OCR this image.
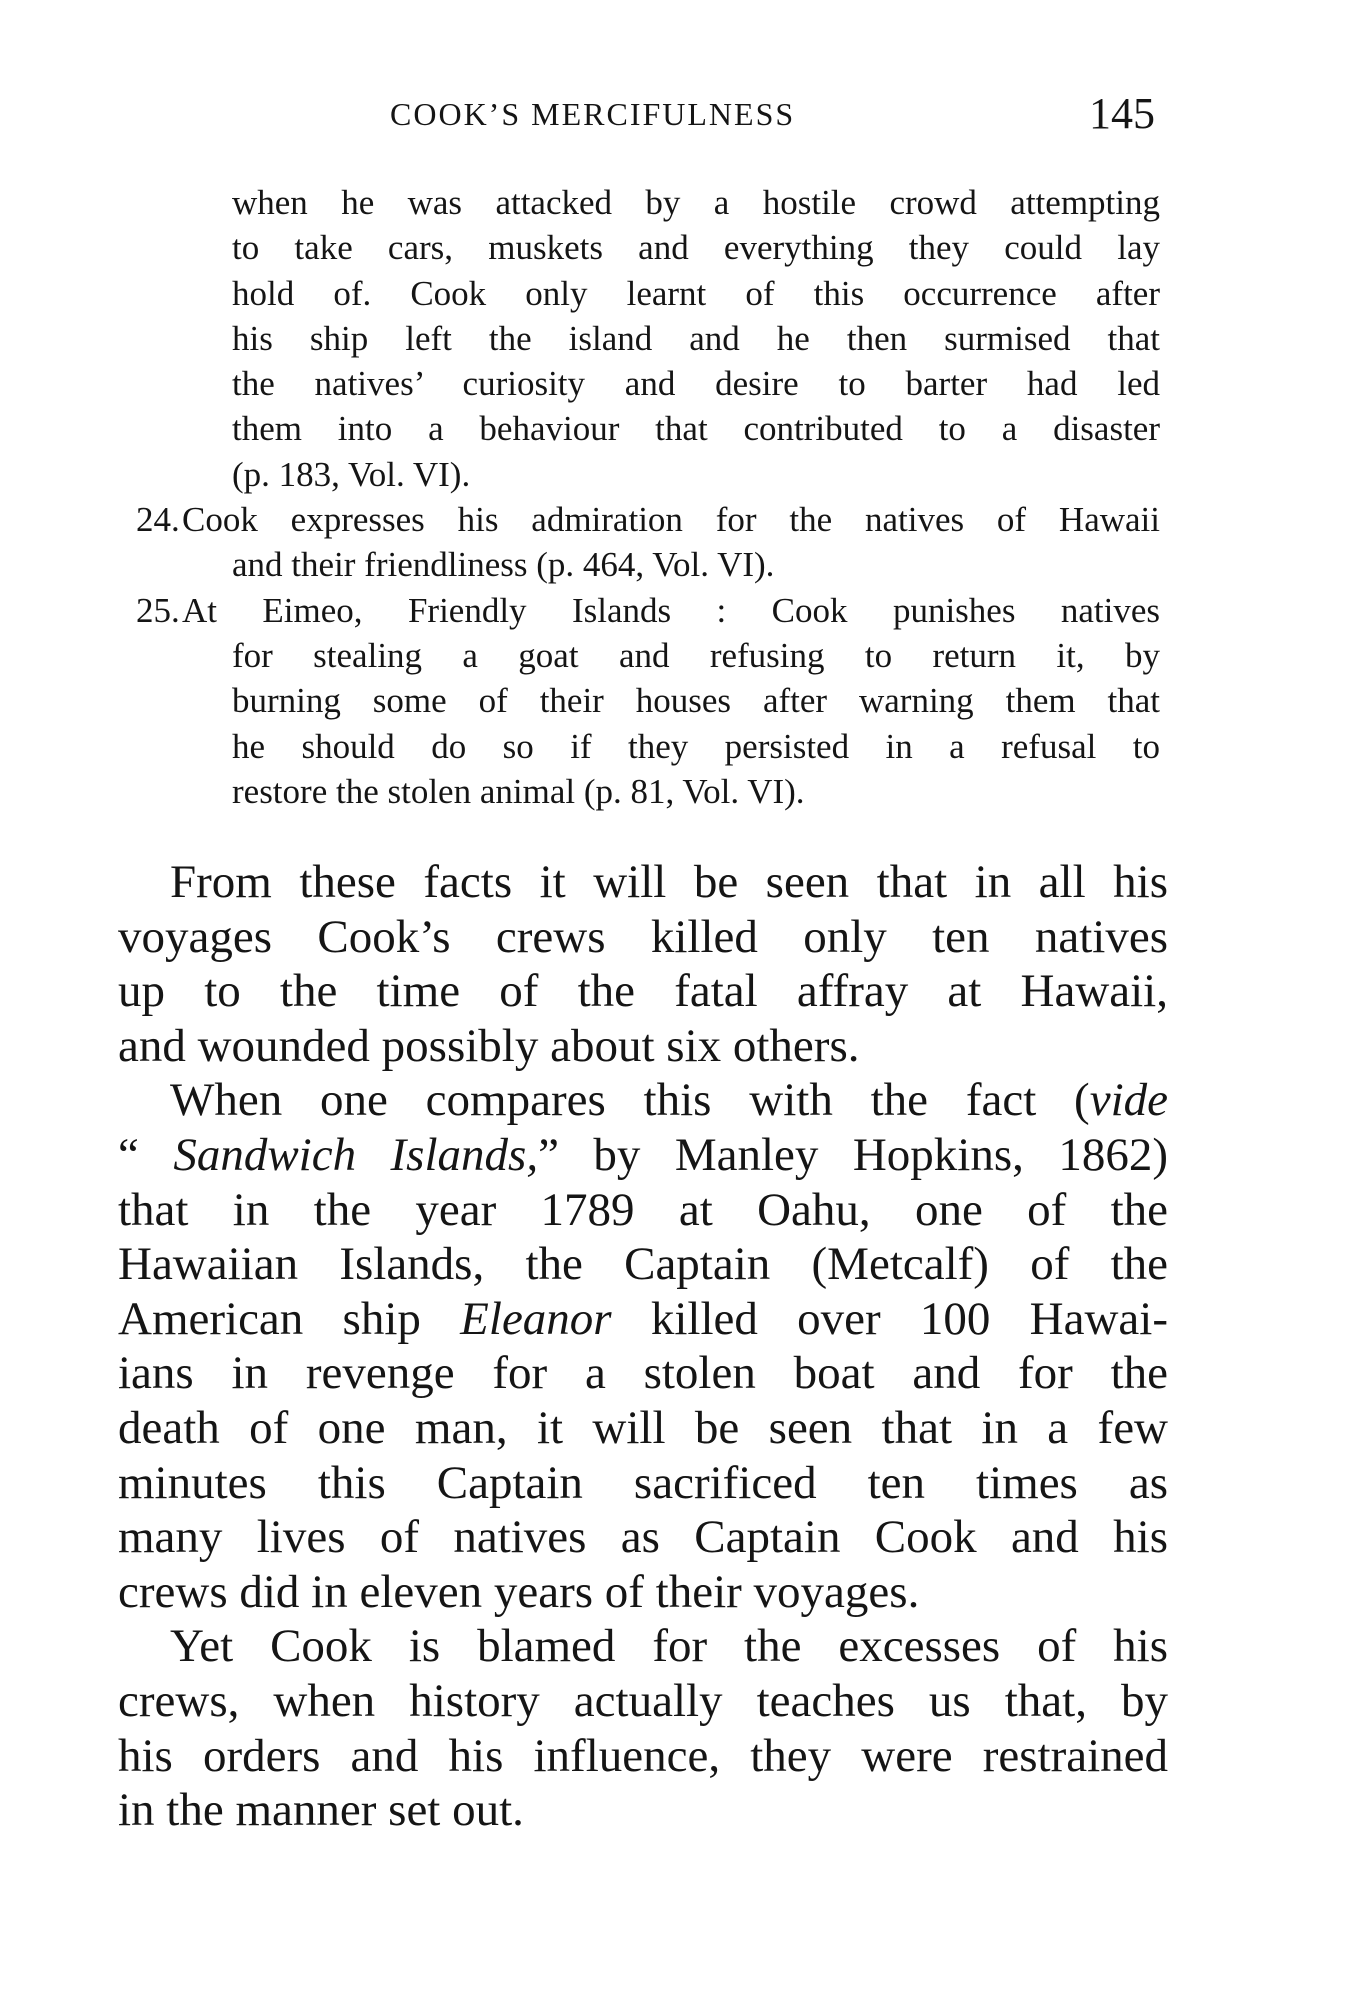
COOK’S MERCIFULNESS	145
when he was attacked by a hostile crowd attempting
to take cars, muskets and everything they could lay
hold of. Cook only learnt of this occurrence after
his ship left the island and he then surmised that
the natives’ curiosity and desire to barter had led
them into a behaviour that contributed to a disaster
(p. 183, Vol. VI).
24. Cook expresses his admiration for the natives of Hawaii
and their friendliness (p. 464, Vol. VI).
25. At Eimeo, Friendly Islands : Cook punishes natives
for stealing a goat and refusing to return it, by
burning some of their houses after warning them that
he should do so if they persisted in a refusal to
restore the stolen animal (p. 81, Vol. VI).
From these facts it will be seen that in all his
voyages Cook’s crews killed only ten natives
up to the time of the fatal affray at Hawaii,
and wounded possibly about six others.
When one compares this with the fact (vide
“ Sandwich Islands,” by Manley Hopkins, 1862)
that in the year 1789 at Oahu, one of the
Hawaiian Islands, the Captain (Metcalf) of the
American ship Eleanor killed over 100 Hawai-
ians in revenge for a stolen boat and for the
death of one man, it will be seen that in a few
minutes this Captain sacrificed ten times as
many lives of natives as Captain Cook and his
crews did in eleven years of their voyages.
Yet Cook is blamed for the excesses of his
crews, when history actually teaches us that, by
his orders and his influence, they were restrained
in the manner set out.
